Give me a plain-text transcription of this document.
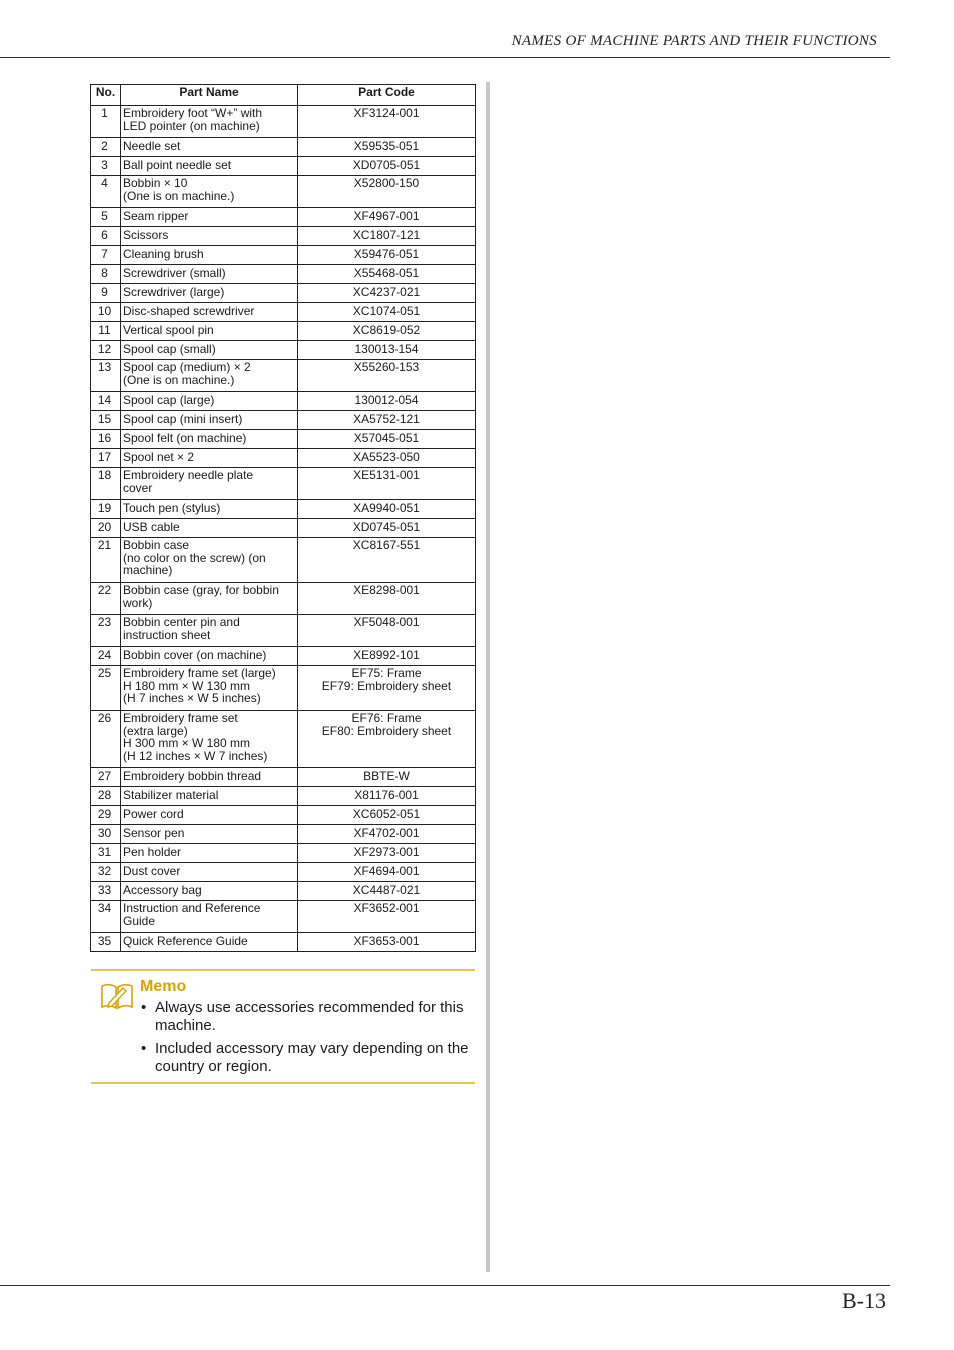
NAMES OF MACHINE PARTS AND THEIR FUNCTIONS
No.	Part Name	Part Code
1	Embroidery foot “W+” with
LED pointer (on machine)	XF3124-001

2	Needle set	X59535-051

3	Ball point needle set	XD0705-051

4	Bobbin × 10
(One is on machine.)	X52800-150

5	Seam ripper	XF4967-001

6	Scissors	XC1807-121

7	Cleaning brush	X59476-051

8	Screwdriver (small)	X55468-051

9	Screwdriver (large)	XC4237-021

10	Disc-shaped screwdriver	XC1074-051

11	Vertical spool pin	XC8619-052

12	Spool cap (small)	130013-154

13	Spool cap (medium) × 2
(One is on machine.)	X55260-153

14	Spool cap (large)	130012-054

15	Spool cap (mini insert)	XA5752-121

16	Spool felt (on machine)	X57045-051

17	Spool net × 2	XA5523-050

18	Embroidery needle plate
cover	XE5131-001

19	Touch pen (stylus)	XA9940-051

20	USB cable	XD0745-051

21	Bobbin case
(no color on the screw) (on
machine)	XC8167-551

22	Bobbin case (gray, for bobbin
work)	XE8298-001

23	Bobbin center pin and
instruction sheet	XF5048-001

24	Bobbin cover (on machine)	XE8992-101

25	Embroidery frame set (large)
H 180 mm × W 130 mm
(H 7 inches × W 5 inches)	EF75: Frame
EF79: Embroidery sheet

26	Embroidery frame set
(extra large)
H 300 mm × W 180 mm
(H 12 inches × W 7 inches)	EF76: Frame
EF80: Embroidery sheet

27	Embroidery bobbin thread	BBTE-W

28	Stabilizer material	X81176-001

29	Power cord	XC6052-051

30	Sensor pen	XF4702-001

31	Pen holder	XF2973-001

32	Dust cover	XF4694-001

33	Accessory bag	XC4487-021

34	Instruction and Reference
Guide	XF3652-001

35	Quick Reference Guide	XF3653-001
Memo
• Always use accessories recommended for this machine.
• Included accessory may vary depending on the country or region.
B-13
